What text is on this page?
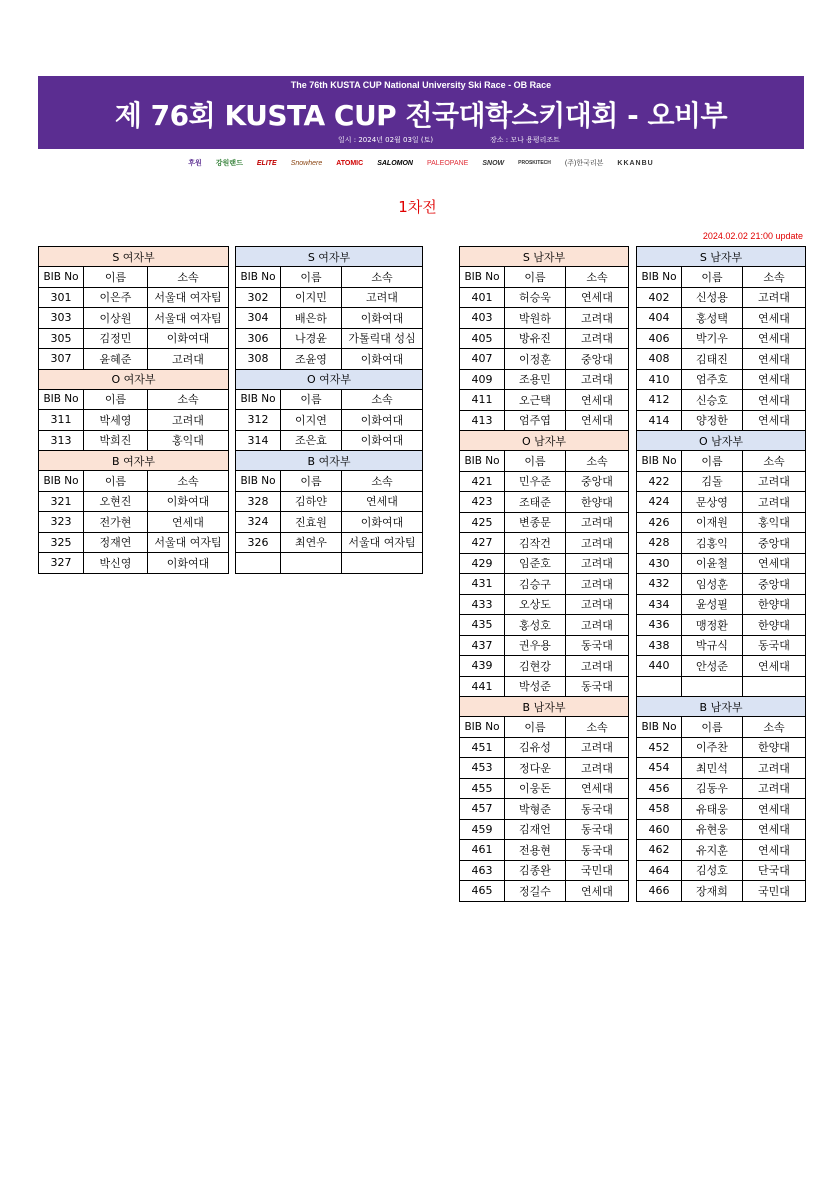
The 76th KUSTA CUP National University Ski Race - OB Race
제 76회 KUSTA CUP 전국대학스키대회 - 오비부
일시 : 2024년 02월 03일 (토)	장소 : 모나 용평리조트
후원 강원랜드 ELITE Snowhere ATOMIC SALOMON PALEOPANE SNOW	PROSKITECH (주)한국리본 KKANBU
1차전
2024.02.02 21:00 update
S 여자부		
BIB No	이름	소속
301	이은주	서울대 여자팀
303	이상원	서울대 여자팀
305	김정민	이화여대
307	윤혜준	고려대
O 여자부		
BIB No	이름	소속
311	박세영	고려대
313	박희진	홍익대
B 여자부		
BIB No	이름	소속
321	오현진	이화여대
323	전가현	연세대
325	정재연	서울대 여자팀
327	박신영	이화여대
S 여자부		
BIB No	이름	소속
302	이지민	고려대
304	배은하	이화여대
306	나경윤	가톨릭대 성심
308	조윤영	이화여대
O 여자부		
BIB No	이름	소속
312	이지연	이화여대
314	조은효	이화여대
B 여자부		
BIB No	이름	소속
328	김하얀	연세대
324	진효원	이화여대
326	최연우	서울대 여자팀

S 남자부		
BIB No	이름	소속
401	허승욱	연세대
403	박원하	고려대
405	방유진	고려대
407	이정훈	중앙대
409	조용민	고려대
411	오근택	연세대
413	엄주엽	연세대
O 남자부		
BIB No	이름	소속
421	민우준	중앙대
423	조태준	한양대
425	변종문	고려대
427	김작건	고려대
429	임준호	고려대
431	김승구	고려대
433	오상도	고려대
435	홍성호	고려대
437	권우용	동국대
439	김현강	고려대
441	박성준	동국대
B 남자부		
BIB No	이름	소속
451	김유성	고려대
453	정다운	고려대
455	이웅돈	연세대
457	박형준	동국대
459	김재언	동국대
461	전용현	동국대
463	김종완	국민대
465	정길수	연세대
S 남자부		
BIB No	이름	소속
402	신성용	고려대
404	홍성택	연세대
406	박기우	연세대
408	김태진	연세대
410	엄주호	연세대
412	신승호	연세대
414	양정한	연세대
O 남자부		
BIB No	이름	소속
422	김돌	고려대
424	문상영	고려대
426	이재원	홍익대
428	김홍익	중앙대
430	이윤철	연세대
432	임성훈	중앙대
434	윤성필	한양대
436	맹정환	한양대
438	박규식	동국대
440	안성준	연세대

B 남자부		
BIB No	이름	소속
452	이주찬	한양대
454	최민석	고려대
456	김동우	고려대
458	유태웅	연세대
460	유현웅	연세대
462	유지훈	연세대
464	김성호	단국대
466	장재희	국민대
